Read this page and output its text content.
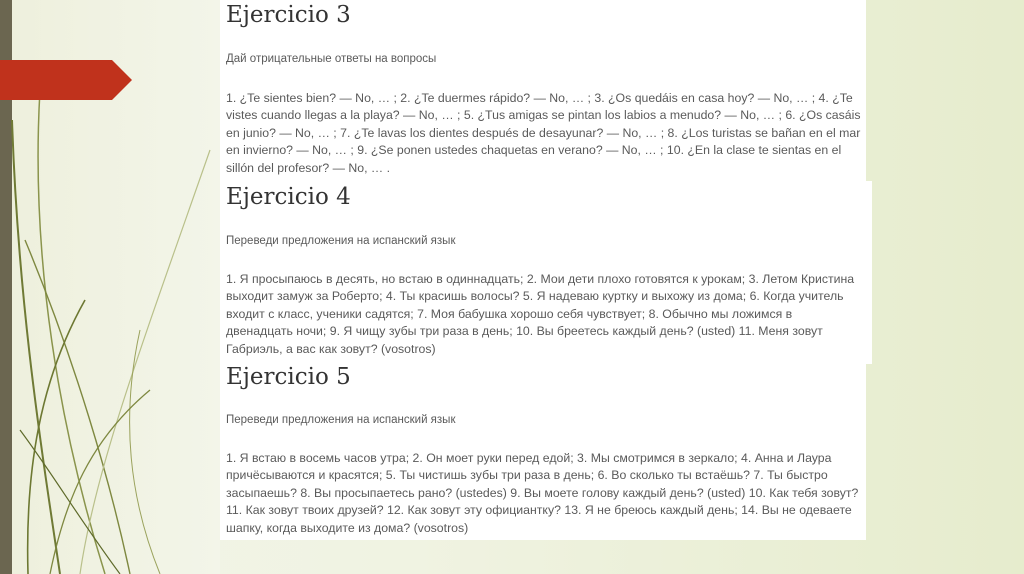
Ejercicio 3
Дай отрицательные ответы на вопросы
1. ¿Te sientes bien? — No, … ; 2. ¿Te duermes rápido? — No, … ; 3. ¿Os quedáis en casa hoy? — No, … ; 4. ¿Te
vistes cuando llegas a la playa? — No, … ; 5. ¿Tus amigas se pintan los labios a menudo? — No, … ; 6. ¿Os casáis
en junio? — No, … ; 7. ¿Te lavas los dientes después de desayunar? — No, … ; 8. ¿Los turistas se bañan en el mar
en invierno? — No, … ; 9. ¿Se ponen ustedes chaquetas en verano? — No, … ; 10. ¿En la clase te sientas en el
sillón del profesor? — No, … .
Ejercicio 4
Переведи предложения на испанский язык
1. Я просыпаюсь в десять, но встаю в одиннадцать; 2. Мои дети плохо готовятся к урокам; 3. Летом Кристина
выходит замуж за Роберто; 4. Ты красишь волосы? 5. Я надеваю куртку и выхожу из дома; 6. Когда учитель
входит с класс, ученики садятся; 7. Моя бабушка хорошо себя чувствует; 8. Обычно мы ложимся в
двенадцать ночи; 9. Я чищу зубы три раза в день; 10. Вы бреетесь каждый день? (usted) 11. Меня зовут
Габриэль, а вас как зовут? (vosotros)
Ejercicio 5
Переведи предложения на испанский язык
1. Я встаю в восемь часов утра; 2. Он моет руки перед едой; 3. Мы смотримся в зеркало; 4. Анна и Лаура
причёсываются и красятся; 5. Ты чистишь зубы три раза в день; 6. Во сколько ты встаёшь? 7. Ты быстро
засыпаешь? 8. Вы просыпаетесь рано? (ustedes) 9. Вы моете голову каждый день? (usted) 10. Как тебя зовут?
11. Как зовут твоих друзей? 12. Как зовут эту официантку? 13. Я не бреюсь каждый день; 14. Вы не одеваете
шапку, когда выходите из дома? (vosotros)
